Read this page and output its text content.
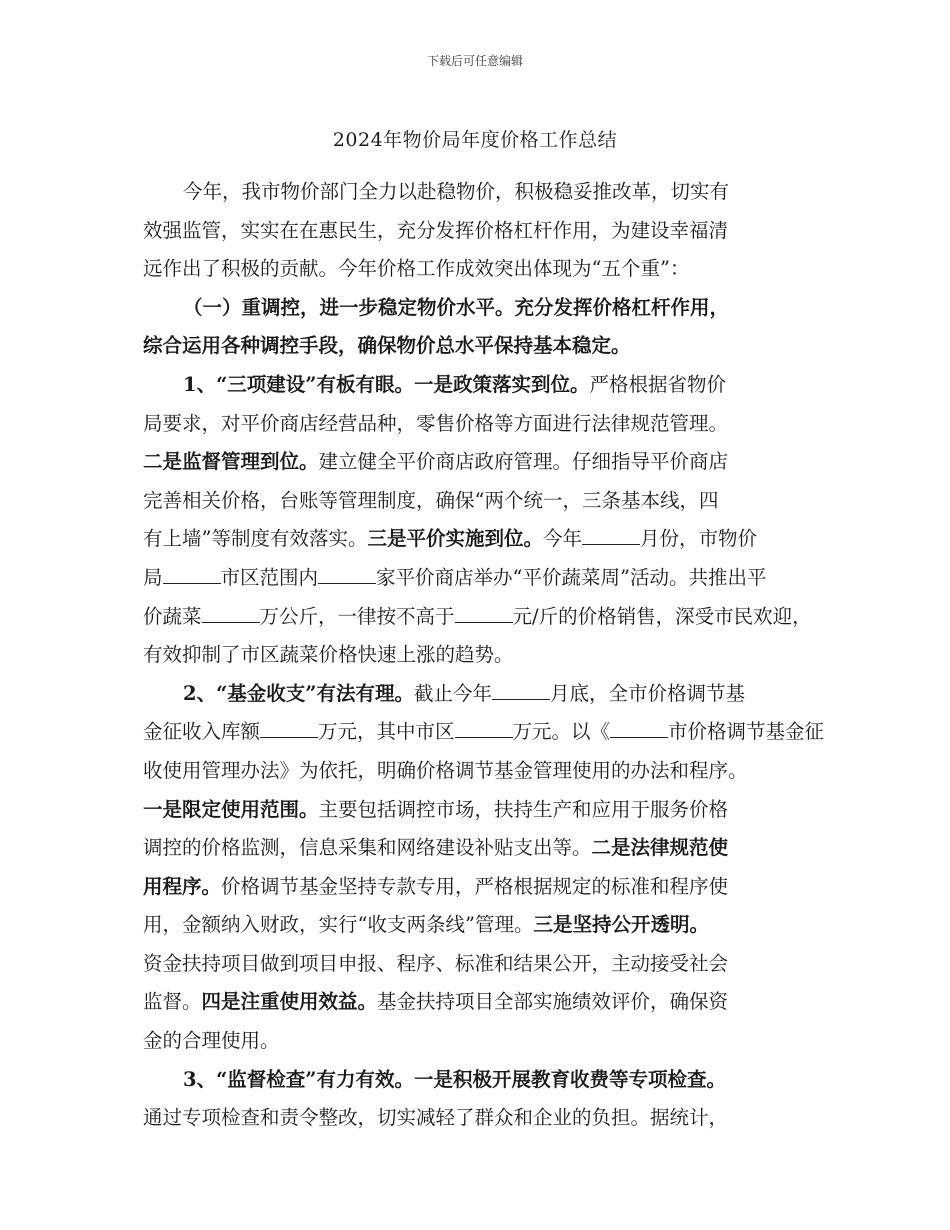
下载后可任意编辑
2024年物价局年度价格工作总结
今年，我市物价部门全力以赴稳物价，积极稳妥推改革，切实有
效强监管，实实在在惠民生，充分发挥价格杠杆作用，为建设幸福清
远作出了积极的贡献。今年价格工作成效突出体现为“五个重”：
（一）重调控，进一步稳定物价水平。充分发挥价格杠杆作用，
综合运用各种调控手段，确保物价总水平保持基本稳定。
1、“三项建设”有板有眼。一是政策落实到位。严格根据省物价
局要求，对平价商店经营品种，零售价格等方面进行法律规范管理。
二是监督管理到位。建立健全平价商店政府管理。仔细指导平价商店
完善相关价格，台账等管理制度，确保“两个统一，三条基本线，四
有上墙”等制度有效落实。三是平价实施到位。今年	月份，市物价
局	市区范围内	家平价商店举办“平价蔬菜周”活动。共推出平
价蔬菜	万公斤，一律按不高于	元/斤的价格销售，深受市民欢迎，
有效抑制了市区蔬菜价格快速上涨的趋势。
2、“基金收支”有法有理。截止今年	月底，全市价格调节基
金征收入库额	万元，其中市区	万元。以《	市价格调节基金征
收使用管理办法》为依托，明确价格调节基金管理使用的办法和程序。
一是限定使用范围。主要包括调控市场，扶持生产和应用于服务价格
调控的价格监测，信息采集和网络建设补贴支出等。二是法律规范使
用程序。价格调节基金坚持专款专用，严格根据规定的标准和程序使
用，金额纳入财政，实行“收支两条线”管理。三是坚持公开透明。
资金扶持项目做到项目申报、程序、标准和结果公开，主动接受社会
监督。四是注重使用效益。基金扶持项目全部实施绩效评价，确保资
金的合理使用。
3、“监督检查”有力有效。一是积极开展教育收费等专项检查。
通过专项检查和责令整改，切实减轻了群众和企业的负担。据统计，
